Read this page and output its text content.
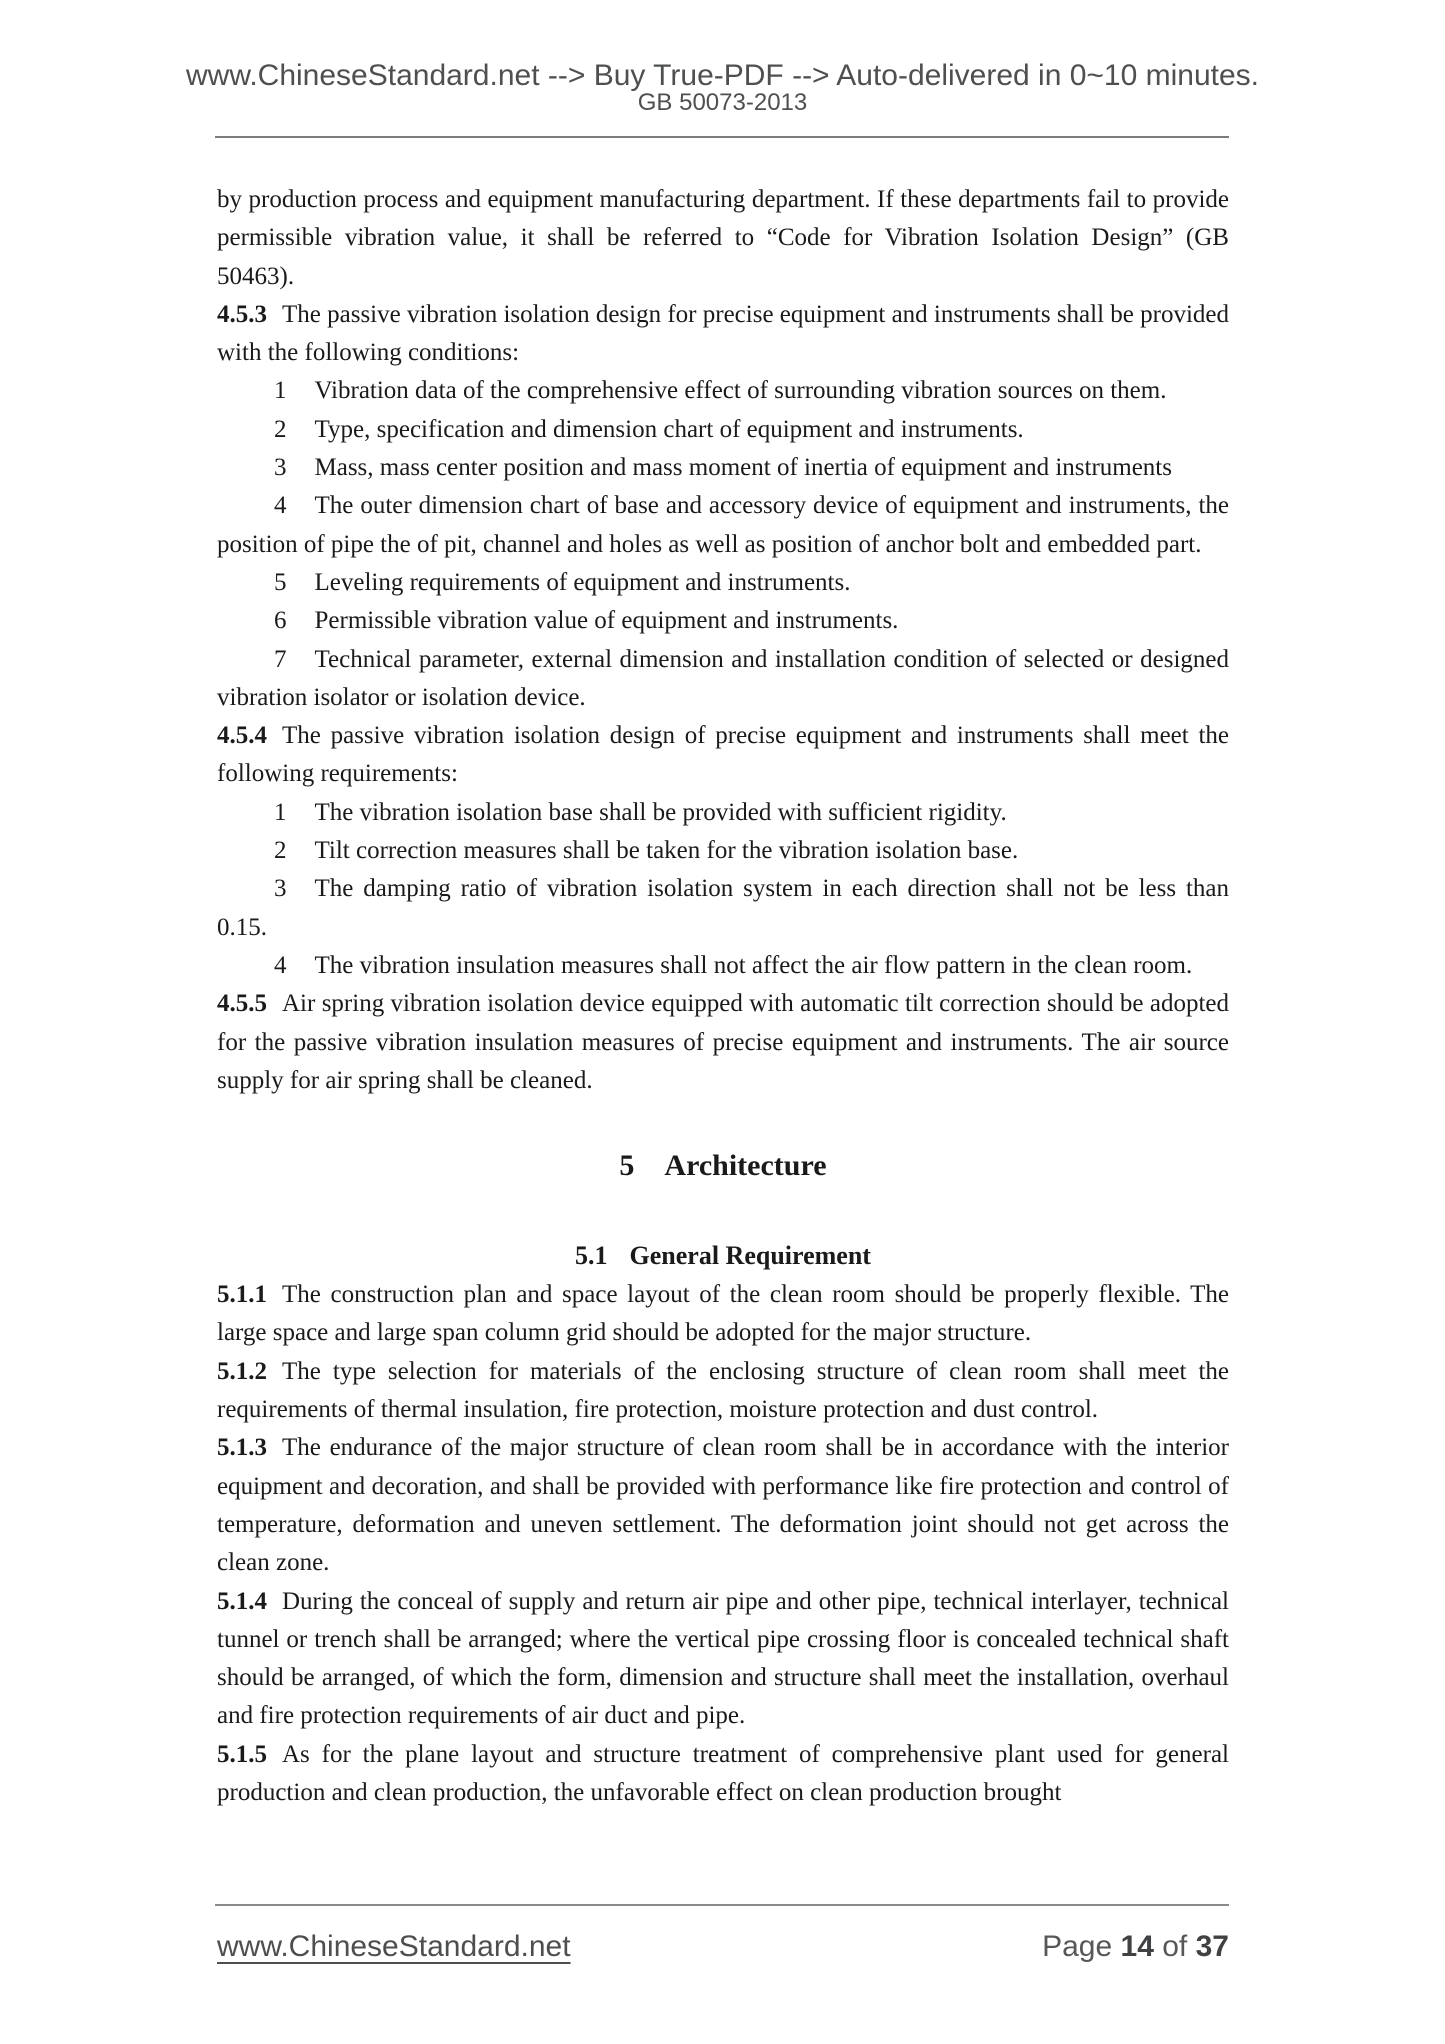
www.ChineseStandard.net --> Buy True-PDF --> Auto-delivered in 0~10 minutes.
GB 50073-2013
by production process and equipment manufacturing department. If these departments fail to provide permissible vibration value, it shall be referred to “Code for Vibration Isolation Design” (GB 50463).
4.5.3 The passive vibration isolation design for precise equipment and instruments shall be provided with the following conditions:
1 Vibration data of the comprehensive effect of surrounding vibration sources on them.
2 Type, specification and dimension chart of equipment and instruments.
3 Mass, mass center position and mass moment of inertia of equipment and instruments
4 The outer dimension chart of base and accessory device of equipment and instruments, the position of pipe the of pit, channel and holes as well as position of anchor bolt and embedded part.
5 Leveling requirements of equipment and instruments.
6 Permissible vibration value of equipment and instruments.
7 Technical parameter, external dimension and installation condition of selected or designed vibration isolator or isolation device.
4.5.4 The passive vibration isolation design of precise equipment and instruments shall meet the following requirements:
1 The vibration isolation base shall be provided with sufficient rigidity.
2 Tilt correction measures shall be taken for the vibration isolation base.
3 The damping ratio of vibration isolation system in each direction shall not be less than 0.15.
4 The vibration insulation measures shall not affect the air flow pattern in the clean room.
4.5.5 Air spring vibration isolation device equipped with automatic tilt correction should be adopted for the passive vibration insulation measures of precise equipment and instruments. The air source supply for air spring shall be cleaned.
5 Architecture
5.1 General Requirement
5.1.1 The construction plan and space layout of the clean room should be properly flexible. The large space and large span column grid should be adopted for the major structure.
5.1.2 The type selection for materials of the enclosing structure of clean room shall meet the requirements of thermal insulation, fire protection, moisture protection and dust control.
5.1.3 The endurance of the major structure of clean room shall be in accordance with the interior equipment and decoration, and shall be provided with performance like fire protection and control of temperature, deformation and uneven settlement. The deformation joint should not get across the clean zone.
5.1.4 During the conceal of supply and return air pipe and other pipe, technical interlayer, technical tunnel or trench shall be arranged; where the vertical pipe crossing floor is concealed technical shaft should be arranged, of which the form, dimension and structure shall meet the installation, overhaul and fire protection requirements of air duct and pipe.
5.1.5 As for the plane layout and structure treatment of comprehensive plant used for general production and clean production, the unfavorable effect on clean production brought
www.ChineseStandard.net	Page 14 of 37
